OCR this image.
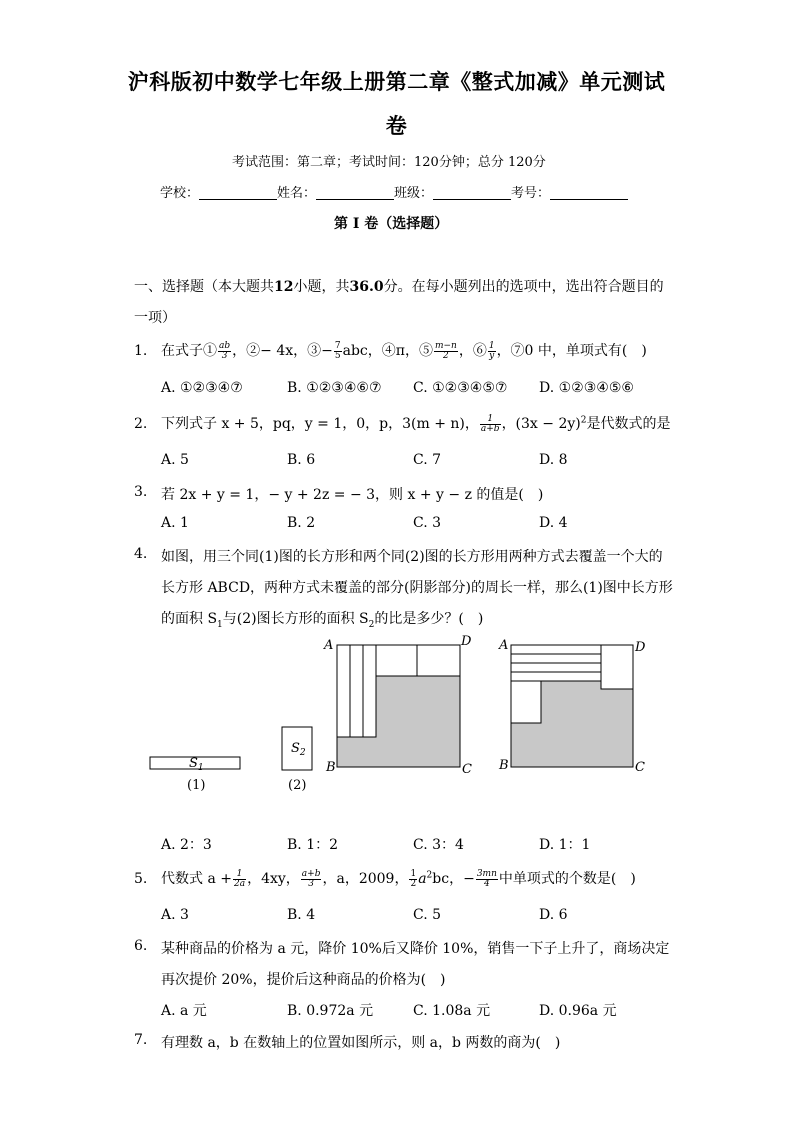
沪科版初中数学七年级上册第二章《整式加减》单元测试
卷
考试范围：第二章；考试时间：120分钟；总分 120分
学校：	姓名：	班级：	考号：
第 I 卷（选择题）
一、选择题（本大题共12小题，共36.0分。在每小题列出的选项中，选出符合题目的
一项）
1. 在式子① $\frac{ab}{3}$ ，②− 4x，③− $\frac{7}{5}$ abc，④π，⑤ $\frac{m-n}{2}$ ，⑥ $\frac{1}{y}$ ，⑦0 中，单项式有(　)
A. ①②③④⑦	B. ①②③④⑥⑦ C. ①②③④⑤⑦ D. ①②③④⑤⑥
2. 下列式子 x + 5，pq，y = 1，0，p，3(m + n)， $\frac{1}{a+b}$ ，$(3x - 2y)^2$是代数式的是
A. 5	B. 6	C. 7	D. 8
3. 若 2x + y = 1，− y + 2z = − 3，则 x + y − z 的值是(　)
A. 1	B. 2	C. 3	D. 4
4. 如图，用三个同(1)图的长方形和两个同(2)图的长方形用两种方式去覆盖一个大的
长方形 ABCD，两种方式未覆盖的部分(阴影部分)的周长一样，那么(1)图中长方形
的面积 $S_1$与(2)图长方形的面积 $S_2$的比是多少？(　)
$S_1$
(1)
$S_2$
(2)
A	D
B	C
A	D
B	C
A. 2：3	B. 1：2	C. 3：4	D. 1：1
5. 代数式 $a + \frac{1}{2a}$ ，4xy， $\frac{a+b}{3}$ ，a，2009， $\frac{1}{2} a^2bc$，− $\frac{3mn}{4}$ 中单项式的个数是(　)
A. 3	B. 4	C. 5	D. 6
6. 某种商品的价格为 a 元，降价 10%后又降价 10%，销售一下子上升了，商场决定
再次提价 20%，提价后这种商品的价格为(　)
A. a 元	B. 0.972a 元	C. 1.08a 元	D. 0.96a 元
7. 有理数 a，b 在数轴上的位置如图所示，则 a，b 两数的商为(　)
